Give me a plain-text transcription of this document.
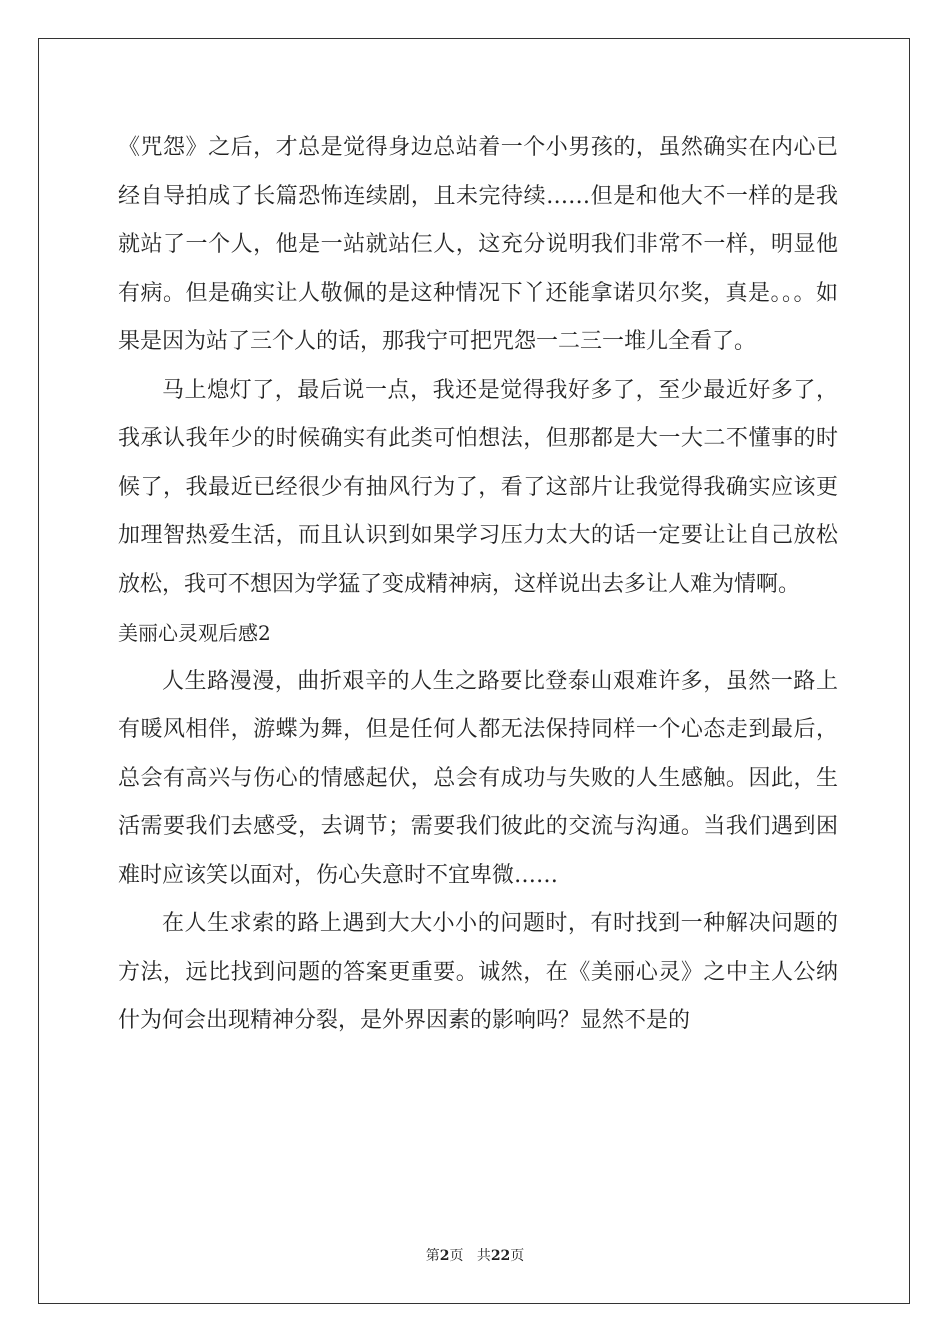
《咒怨》之后，才总是觉得身边总站着一个小男孩的，虽然确实在内心已经自导拍成了长篇恐怖连续剧，且未完待续……但是和他大不一样的是我就站了一个人，他是一站就站仨人，这充分说明我们非常不一样，明显他有病。但是确实让人敬佩的是这种情况下丫还能拿诺贝尔奖，真是。。。如果是因为站了三个人的话，那我宁可把咒怨一二三一堆儿全看了。

马上熄灯了，最后说一点，我还是觉得我好多了，至少最近好多了，我承认我年少的时候确实有此类可怕想法，但那都是大一大二不懂事的时候了，我最近已经很少有抽风行为了，看了这部片让我觉得我确实应该更加理智热爱生活，而且认识到如果学习压力太大的话一定要让让自己放松放松，我可不想因为学猛了变成精神病，这样说出去多让人难为情啊。

美丽心灵观后感2

人生路漫漫，曲折艰辛的人生之路要比登泰山艰难许多，虽然一路上有暖风相伴，游蝶为舞，但是任何人都无法保持同样一个心态走到最后，总会有高兴与伤心的情感起伏，总会有成功与失败的人生感触。因此，生活需要我们去感受，去调节；需要我们彼此的交流与沟通。当我们遇到困难时应该笑以面对，伤心失意时不宜卑微……

在人生求索的路上遇到大大小小的问题时，有时找到一种解决问题的方法，远比找到问题的答案更重要。诚然，在《美丽心灵》之中主人公纳什为何会出现精神分裂，是外界因素的影响吗？显然不是的

第2页 共22页
